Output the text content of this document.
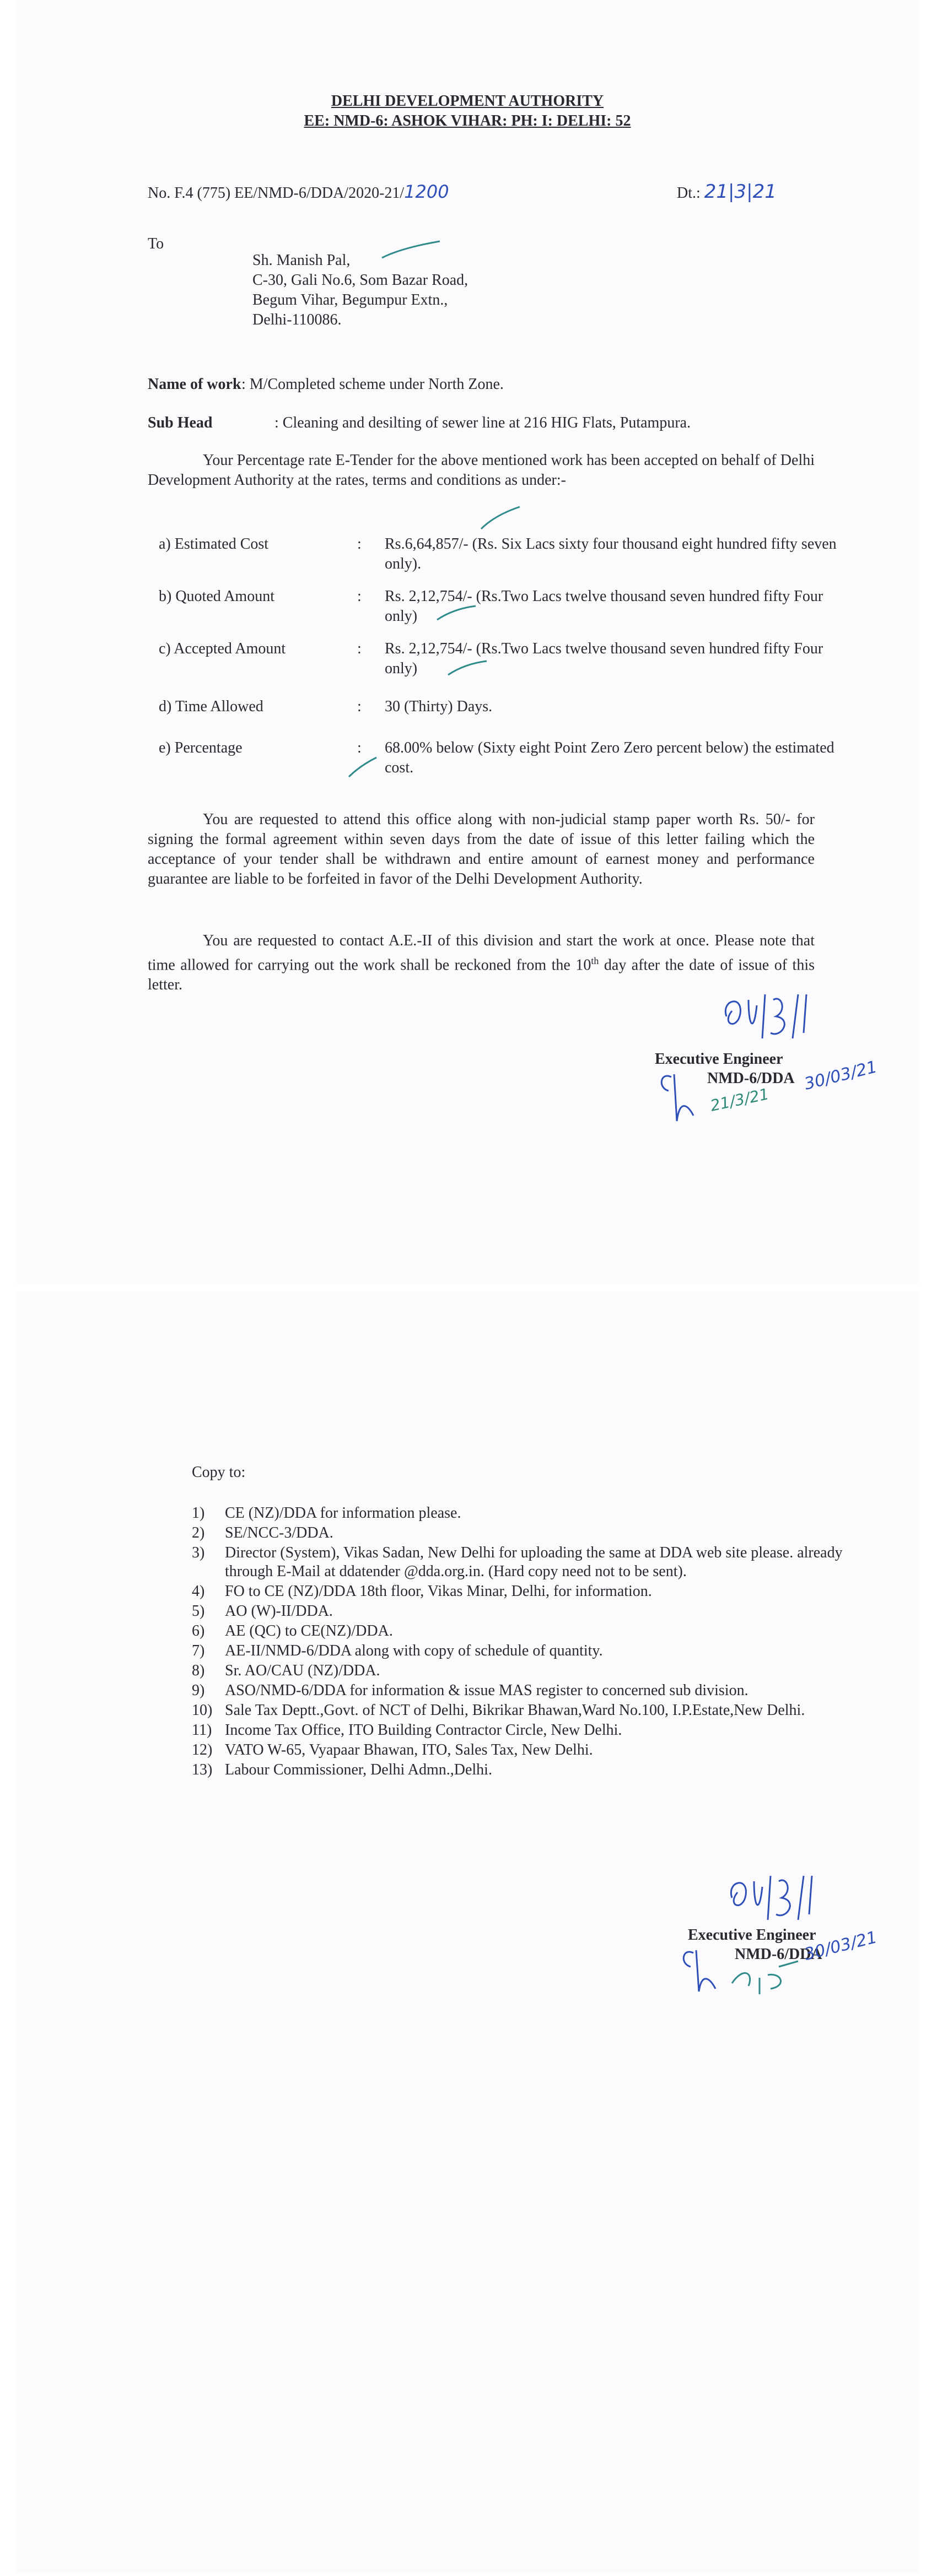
DELHI DEVELOPMENT AUTHORITY
EE: NMD-6: ASHOK VIHAR: PH: I: DELHI: 52
No. F.4 (775) EE/NMD-6/DDA/2020-21/1200	Dt.: 21|3|21
To
Sh. Manish Pal,
C-30, Gali No.6, Som Bazar Road,
Begum Vihar, Begumpur Extn.,
Delhi-110086.
Name of work : M/Completed scheme under North Zone.
Sub Head	: Cleaning and desilting of sewer line at 216 HIG Flats, Putampura.
Your Percentage rate E-Tender for the above mentioned work has been accepted on behalf of Delhi Development Authority at the rates, terms and conditions as under:-
a) Estimated Cost	:	Rs.6,64,857/- (Rs. Six Lacs sixty four thousand eight hundred fifty seven only).
b) Quoted Amount	:	Rs. 2,12,754/- (Rs.Two Lacs twelve thousand seven hundred fifty Four only)
c) Accepted Amount	:	Rs. 2,12,754/- (Rs.Two Lacs twelve thousand seven hundred fifty Four only)
d) Time Allowed	:	30 (Thirty) Days.
e) Percentage	:	68.00% below (Sixty eight Point Zero Zero percent below) the estimated cost.
You are requested to attend this office along with non-judicial stamp paper worth Rs. 50/- for signing the formal agreement within seven days from the date of issue of this letter failing which the acceptance of your tender shall be withdrawn and entire amount of earnest money and performance guarantee are liable to be forfeited in favor of the Delhi Development Authority.
You are requested to contact A.E.-II of this division and start the work at once. Please note that time allowed for carrying out the work shall be reckoned from the 10th day after the date of issue of this letter.
Executive Engineer
NMD-6/DDA
21/3/21
30/03/21
Copy to:
1)	CE (NZ)/DDA for information please.
2)	SE/NCC-3/DDA.
3)	Director (System), Vikas Sadan, New Delhi for uploading the same at DDA web site please. already through E-Mail at ddatender @dda.org.in. (Hard copy need not to be sent).
4)	FO to CE (NZ)/DDA 18th floor, Vikas Minar, Delhi, for information.
5)	AO (W)-II/DDA.
6)	AE (QC) to CE(NZ)/DDA.
7)	AE-II/NMD-6/DDA along with copy of schedule of quantity.
8)	Sr. AO/CAU (NZ)/DDA.
9)	ASO/NMD-6/DDA for information & issue MAS register to concerned sub division.
10) Sale Tax Deptt.,Govt. of NCT of Delhi, Bikrikar Bhawan,Ward No.100, I.P.Estate,New Delhi.
11) Income Tax Office, ITO Building Contractor Circle, New Delhi.
12) VATO W-65, Vyapaar Bhawan, ITO, Sales Tax, New Delhi.
13) Labour Commissioner, Delhi Admn.,Delhi.
Executive Engineer
NMD-6/DDA
30/03/21
